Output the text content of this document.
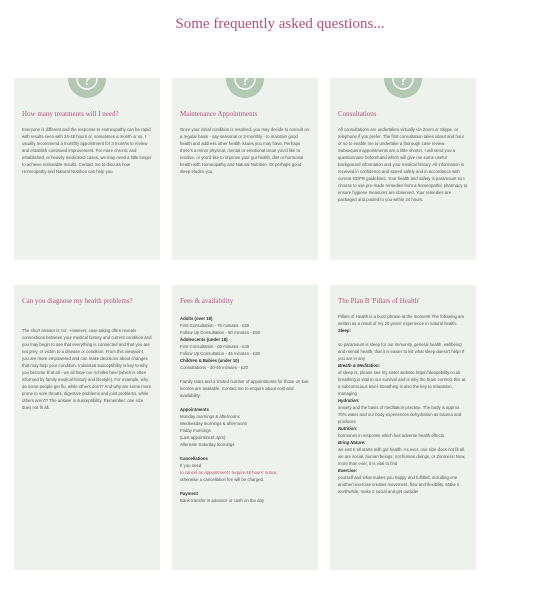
Some frequently asked questions...
How many treatments will I need?

Everyone is different and the response to Homeopathy can be rapid with results seen with 24-48 hours or, sometimes a month or so. I usually recommend a monthly appointment for 3 months to review and establish continued improvement. For more chronic and established, or heavily medicated cases, we may need a little longer to achieve noticeable results. Contact me to discuss how Homeopathy and Natural Nutrition can help you.

Maintenance Appointments

Once your initial condition is resolved, you may decide to consult on a regular basis - say seasonal or 3-monthly - to maintain good health and address other health issues you may have. Perhaps there's a minor physical, mental or emotional issue you'd like to resolve, or you'd like to improve your gut health, diet or hormonal health with Homeopathy and Natural Nutrition. Or perhaps good sleep eludes you.

Consultations

All consultations are undertaken virtually via Zoom or Skype, or telephone if you prefer. The first consultation takes about and hour or so to enable me to undertake a thorough case review. Subsequent appointments are a little shorter. I will send you a questionnaire beforehand which will give me some useful background information and your medical history. All information is received in confidence and stored safely and in accordance with current GDPR guidelines. Your health and safety is paramount so I choose to use pre-made remedies from a homeopathic pharmacy to ensure hygiene measures are observed. Your remedies are packaged and posted to you within 24 hours.

Can you diagnose my health problems?

The short answer is 'no'. However, case taking often reveals connections between your medical history and current condition and you may begin to see that everything is connected and that you are not prey, or victim to a disease or condition. From this viewpoint, you are more empowered and can make decisions about changes that may help your condition. Individual susceptibility is key to why you become ill at all - we all have our Achilles heel (which is often informed by family medical history and lifestyle). For example, why do some people get flu, while others don't? And why are some more prone to sore throats, digestive problems and joint problems, while others aren't? The answer is susceptibility. Remember: one size does not fit all.

Fees & availability

Adults (over 18)

First Consultation - 75 minutes - £60

Follow Up Consultation - 60 minutes - £50

Adolescents (under 18)

First Consultation - 60 minutes - £40

Follow Up Consultation - 45 minutes - £30

Children & Babies (under 10)

Consultations - 30-45 minutes - £20

Family rates and a limited number of appointments for those on low-income are available. Contact me to enquire about cost and availability.

Appointments

Monday mornings & afternoons

Wednesday mornings & afternoons

Friday mornings

(Last appointment 4pm)

Alternate Saturday mornings

Cancellations

If you need

to cancel an appointment I require 48 hours' notice,

otherwise a cancellation fee will be charged.

Payment

Bank transfer in advance or cash on the day

The Plan B 'Pillars of Health'

Pillars of Health is a buzz phrase at the moment! The following are written as a result of my 20 years' experience in natural health.

Sleep:

so paramount is sleep for our immunity, general health, wellbeing and mental health, that it is easier to list what sleep doesn't help! If you are in any

Breath & Meditation:

of sleep is, please see my sister website https://deepability.co.uk breathing is vital to our survival and is why the brain controls this at a subconscious level. Breathing is also the key to relaxation, managing

Hydration:

anxiety and the basis of meditation practise. The body is approx. 70% water and our body experiences dehydration as trauma and produces

Nutrition:

hormones in response which has adverse health effects.

Bring Nature:

we eat! It all starts with gut health. As ever, one size does not fit all. we are social, human beings; not human doings, or Zoomers! Now, more than ever, it is vital to find

Exercise:

yourself and what makes you happy and fulfilled, including one another! exercise creates movement, flow and flexibility. Make it worthwhile, make it social and get outside!
